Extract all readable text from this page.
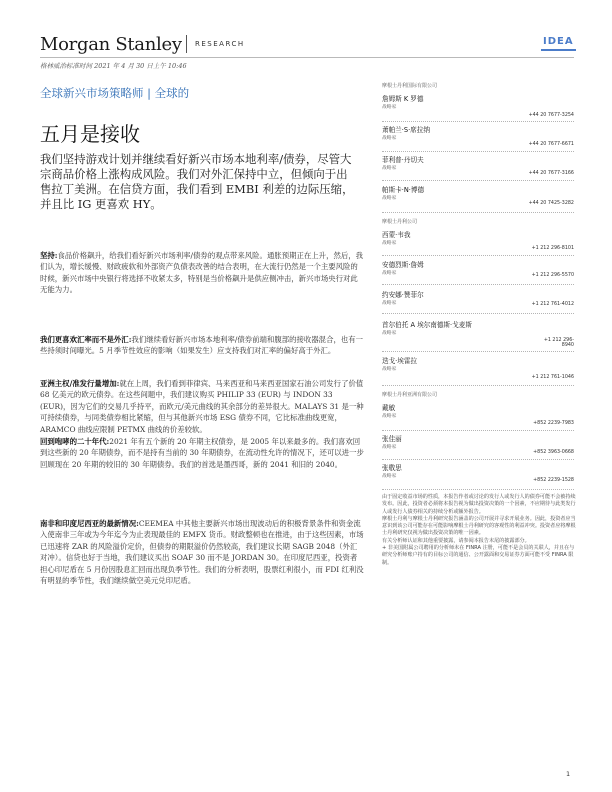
Morgan Stanley RESEARCH	IDEA
格林威治标准时间 2021 年 4 月 30 日上午 10:46
全球新兴市场策略师 | 全球的
五月是接收
我们坚持游戏计划并继续看好新兴市场本地利率/债券，尽管大宗商品价格上涨构成风险。我们对外汇保持中立，但倾向于出售拉丁美洲。在信贷方面，我们看到 EMBI 利差的边际压缩，并且比 IG 更喜欢 HY。
坚持:食品价格飙升，给我们看好新兴市场利率/债券的观点带来风险。通胀预期正在上升，然后，我们认为，增长缓慢、财政疲软和外部资产负债表改善的结合表明，在大流行仍然是一个主要风险的时候，新兴市场中央银行将选择不收紧太多，特别是当价格飙升是供应侧冲击，新兴市场央行对此无能为力。
我们更喜欢汇率而不是外汇:我们继续看好新兴市场本地利率/债券前端和腹部的接收器混合，也有一些持须时间曝光。5 月季节性效应的影响（如果发生）应支持我们对汇率的偏好高于外汇。
亚洲主权/准发行量增加:就在上周，我们看到菲律宾、马来西亚和马来西亚国家石油公司发行了价值 68 亿美元的欧元债券。在这些间题中，我们建议购买 PHILIP 33 (EUR) 与 INDON 33 (EUR)，因为它们的交易几乎持平，而欧元/美元曲线的其余部分的差异很大。MALAYS 31 是一种可持续债券，与同类债券相比紧缩，但与其他新兴市场 ESG 债券不同，它比标准曲线更宽，ARAMCO 曲线应限制 PETMX 曲线的价差较软。
回到咆哮的二十年代:2021 年有五个新的 20 年期主权债券，是 2005 年以来最多的。我们喜欢回到这些新的 20 年期债券，而不是持有当前的 30 年期债券，在流动性允许的情况下，还可以进一步回顾现在 20 年期的较旧的 30 年期债券。我们的首选是墨西哥，新的 2041 和旧的 2040。
南非和印度尼西亚的最新情况:CEEMEA 中其他主要新兴市场出现波动后的积极背景条件和资金流入使南非三年或为今年迄今为止表现最佳的 EMFX 货币。财政整顿也在推进，由于这些因素，市场已迅速将 ZAR 的风险溢价定价，但债券的期限溢价仍然较高，我们建议长期 SAGB 2048（外汇对冲）。信贷也好于当地，我们建议买出 SOAF 30 而不是 JORDAN 30。在印度尼西亚，投资者担心印尼盾在 5 月份因股息汇回而出现负季节性。我们的分析表明，股票红利很小，而 FDI 红利没有明显的季节性，我们继续做空美元兑印尼盾。
摩根士丹利国际有限公司
詹姆斯 K 罗德
战略家
+44 20 7677-3254
萧帕兰·S·席拉纳
战略家
+44 20 7677-6671
菲利普·丹切夫
战略家
+44 20 7677-3166
帕斯卡·N·博德
战略家
+44 20 7425-3282
摩根士丹利公司
西蒙·韦我
战略家
+1 212 296-8101
安德烈斯·詹姆
战略家	+1 212 296-5570
约安娜·赞菲尔
战略家	+1 212 761-4012
首尔伯托 A 埃尔南德斯·戈麦斯
战略家
+1 212 296-8940
迭戈·埃雷拉
战略家
+1 212 761-1046
摩根士丹利亚洲有限公司
戴敏
战略家
+852 2239-7983
张佳丽
战略家
+852 3963-0668
张敬思
战略家
+852 2239-1528
由于固定收益市场的性质，本报告作者或讨论的发行人或发行人的债券可能不会被持续发布。因此，投资者必须将本报告视为做出投资决策的一个因素，不应期待与此类发行人或发行人债券相关的持续分析或额外报告。
摩根士丹利与摩根士丹利研究报告涵盖的公司开展并寻求开展业务。因此，投资者应当意识到该公司可能存在可能影响摩根士丹利研究的客观性的利益冲突。投资者应将摩根士丹利研究仅视为做出投资决策的唯一因素。
有关分析师认证和其他重要披露，请参阅本报告末尾的披露部分。
+ 非美国附属公司聘用的分析师未在 FINRA 注册，可能不是会员的关联人，并且在与研究分析师账户持有的目标公司的通信、公开露面和交易证券方面可能不受 FINRA 限制。
1
